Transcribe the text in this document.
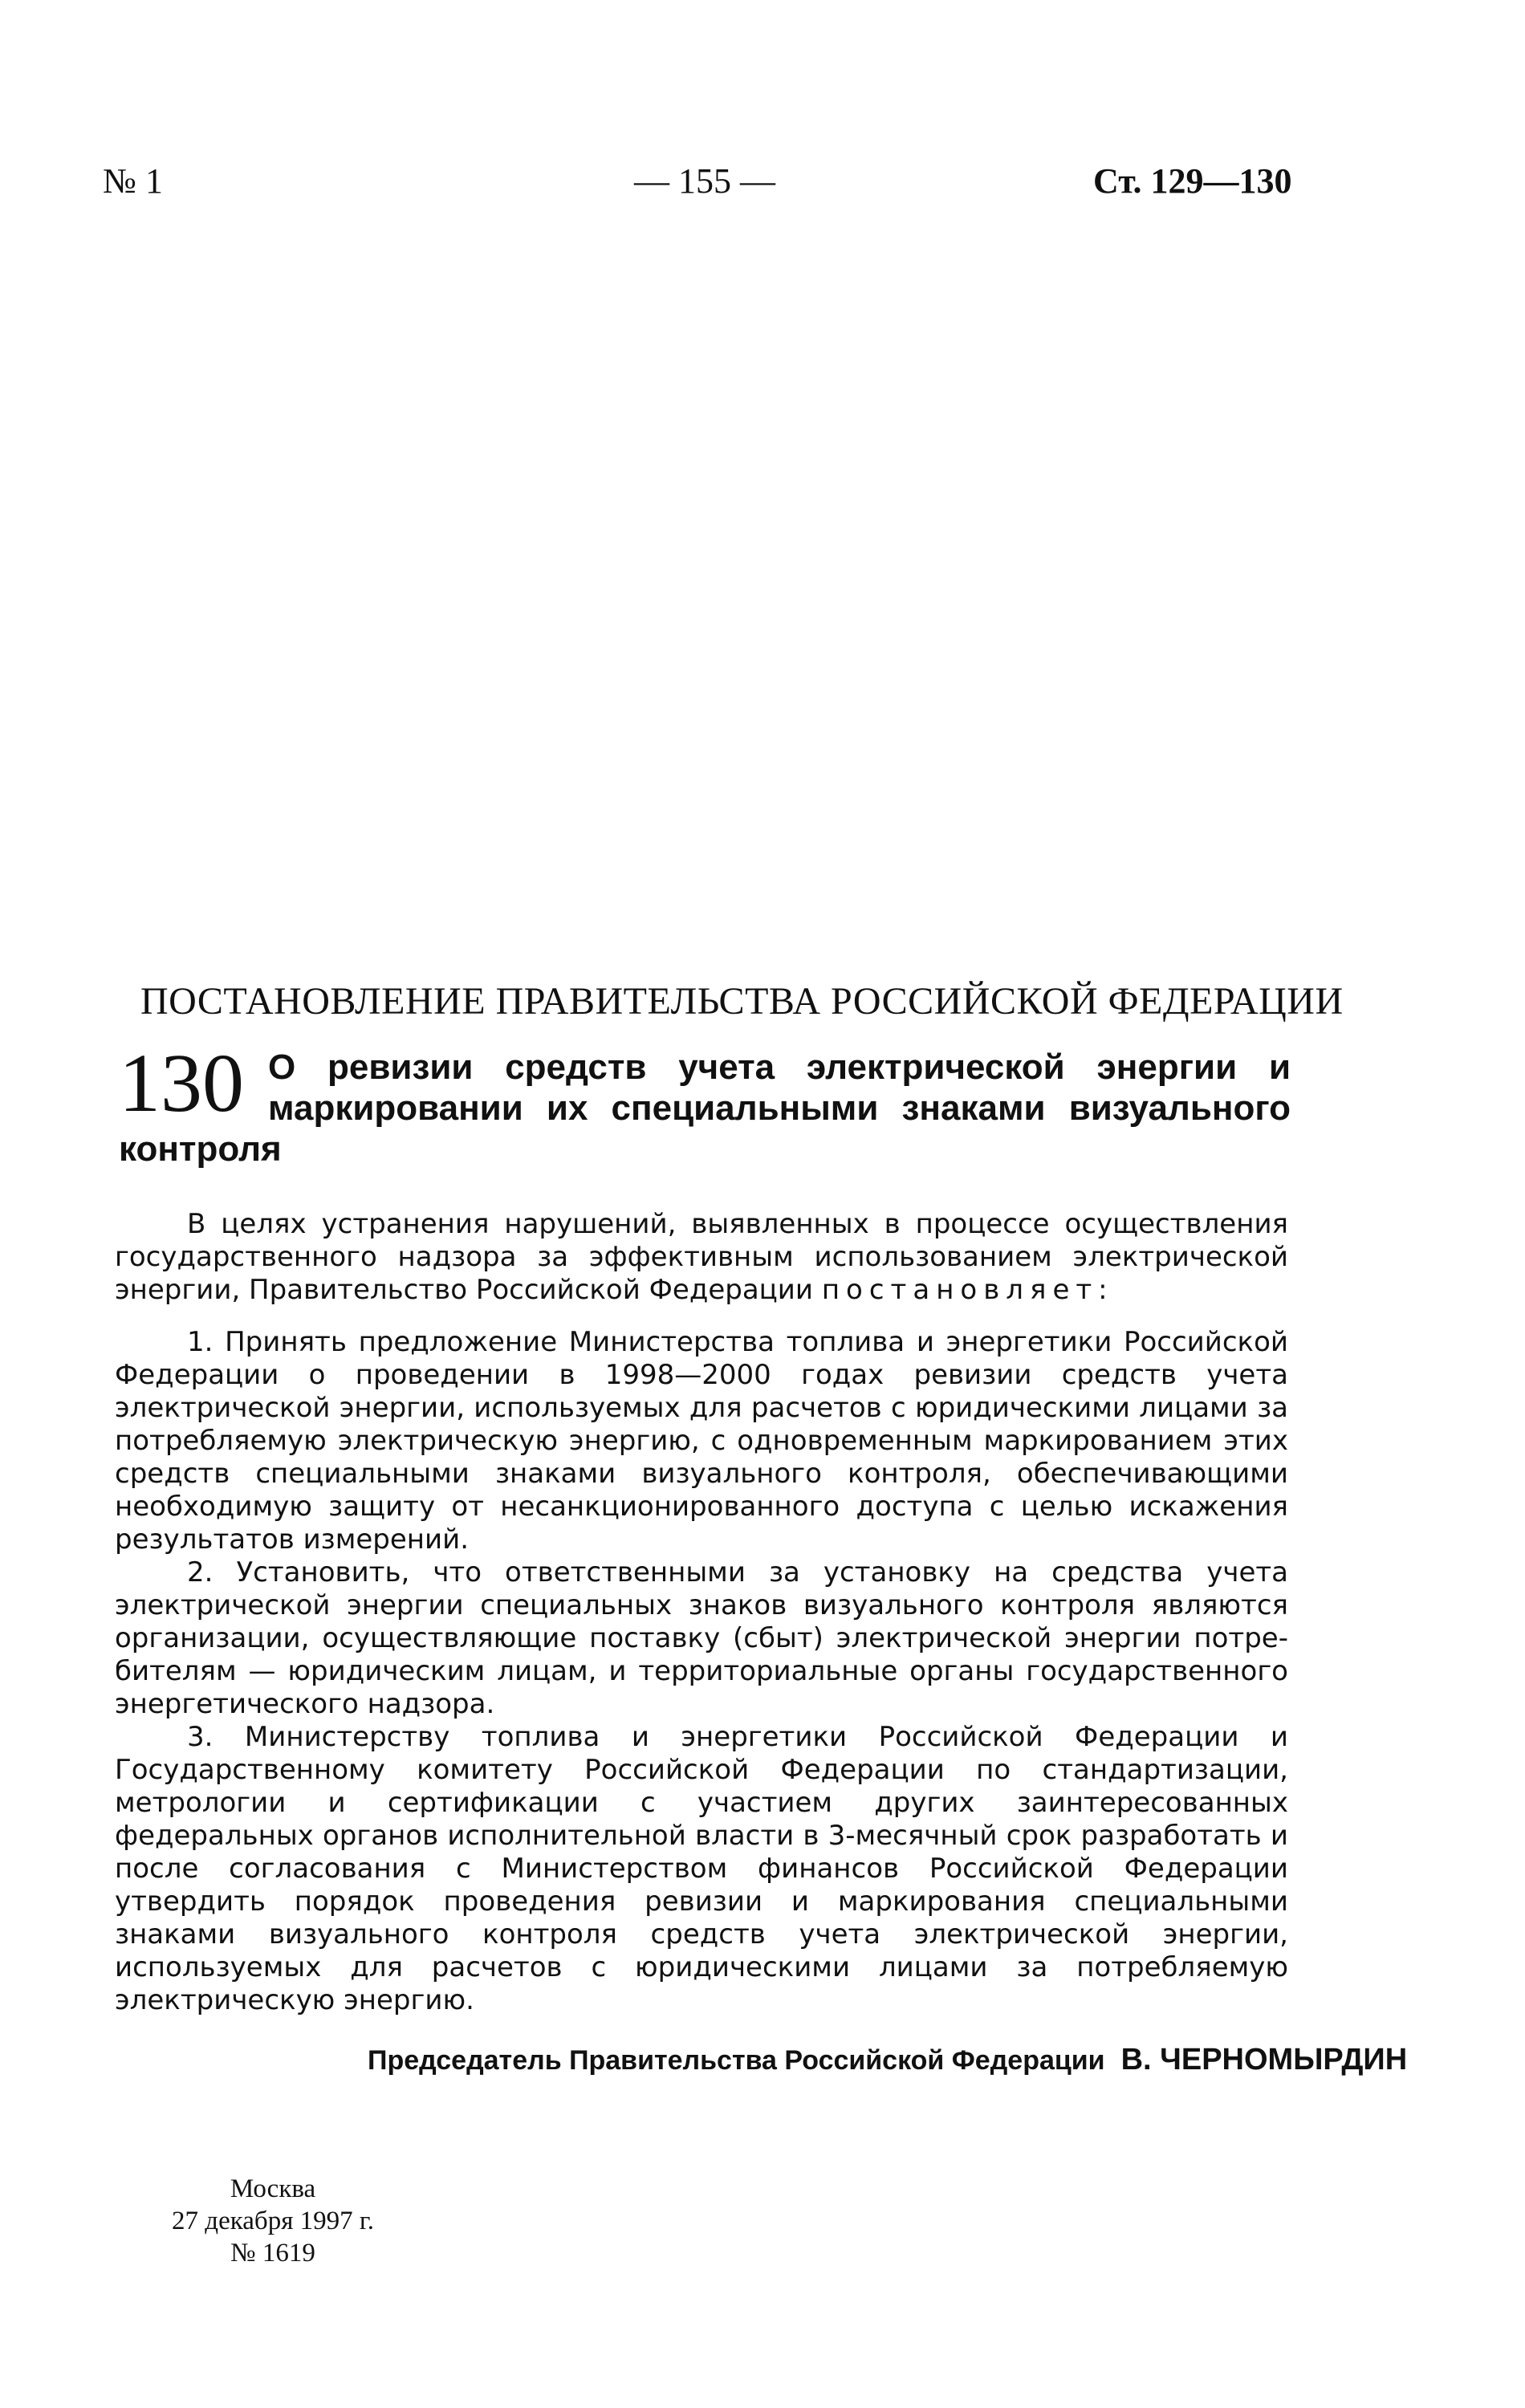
№ 1	— 155 —	Ст. 129—130
ПОСТАНОВЛЕНИЕ ПРАВИТЕЛЬСТВА РОССИЙСКОЙ ФЕДЕРАЦИИ
130 О ревизии средств учета электрической энергии и маркировании их специальными знаками визуального контроля

В целях устранения нарушений, выявленных в процессе осуществления государственного надзора за эффективным использованием электрической энергии, Правительство Российской Федерации постановляет:

1. Принять предложение Министерства топлива и энергетики Российской Федерации о проведении в 1998—2000 годах ревизии средств учета электрической энергии, используемых для расчетов с юридическими лицами за потребляемую электрическую энергию, с одновременным маркированием этих средств специальными знаками визуального контроля, обеспечивающими необходимую защиту от несанкционированного доступа с целью искажения результатов измерений.

2. Установить, что ответственными за установку на средства учета электрической энергии специальных знаков визуального контроля являются организации, осуществляющие поставку (сбыт) электрической энергии потребителям — юридическим лицам, и территориальные органы государственного энергетического надзора.

3. Министерству топлива и энергетики Российской Федерации и Государственному комитету Российской Федерации по стандартизации, метрологии и сертификации с участием других заинтересованных федеральных органов исполнительной власти в 3-месячный срок разработать и после согласования с Министерством финансов Российской Федерации утвердить порядок проведения ревизии и маркирования специальными знаками визуального контроля средств учета электрической энергии, используемых для расчетов с юридическими лицами за потребляемую электрическую энергию.

Председатель Правительства Российской Федерации В. ЧЕРНОМЫРДИН
Москва
27 декабря 1997 г.
№ 1619
